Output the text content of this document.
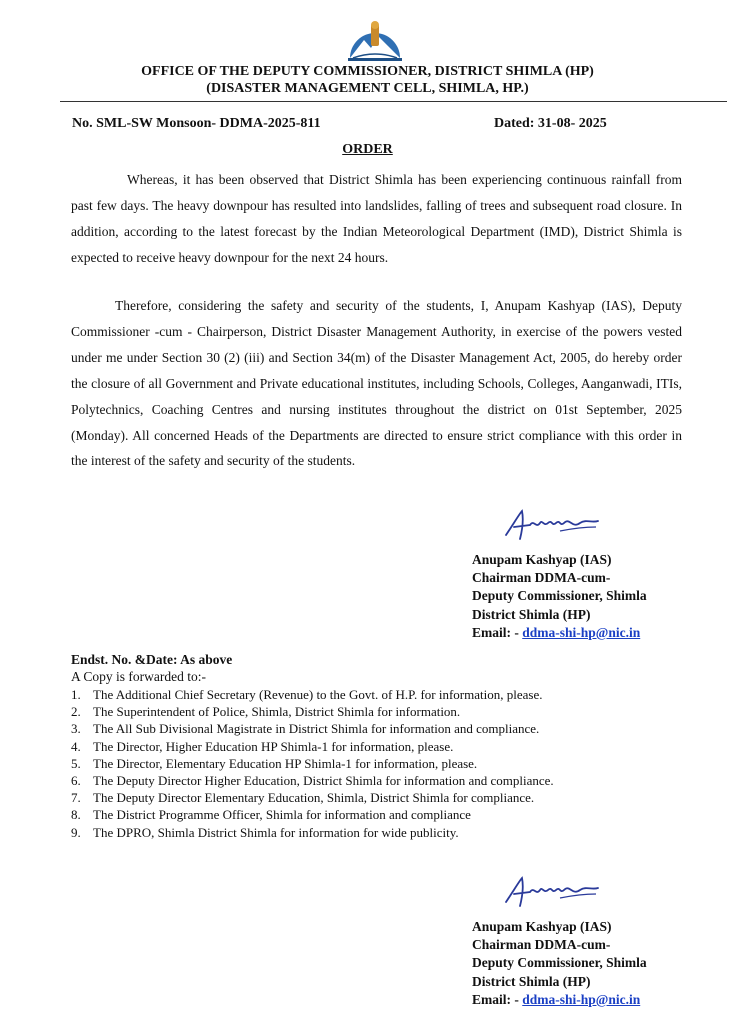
OFFICE OF THE DEPUTY COMMISSIONER, DISTRICT SHIMLA (HP)
(DISASTER MANAGEMENT CELL, SHIMLA, HP.)
No. SML-SW Monsoon- DDMA-2025-811	Dated: 31-08- 2025
ORDER

Whereas, it has been observed that District Shimla has been experiencing continuous rainfall from past few days. The heavy downpour has resulted into landslides, falling of trees and subsequent road closure. In addition, according to the latest forecast by the Indian Meteorological Department (IMD), District Shimla is expected to receive heavy downpour for the next 24 hours.

Therefore, considering the safety and security of the students, I, Anupam Kashyap (IAS), Deputy Commissioner -cum - Chairperson, District Disaster Management Authority, in exercise of the powers vested under me under Section 30 (2) (iii) and Section 34(m) of the Disaster Management Act, 2005, do hereby order the closure of all Government and Private educational institutes, including Schools, Colleges, Aanganwadi, ITIs, Polytechnics, Coaching Centres and nursing institutes throughout the district on 01st September, 2025 (Monday). All concerned Heads of the Departments are directed to ensure strict compliance with this order in the interest of the safety and security of the students.

Anupam Kashyap (IAS)
Chairman DDMA-cum-
Deputy Commissioner, Shimla
District Shimla (HP)
Email: - ddma-shi-hp@nic.in
Endst. No. &Date: As above
A Copy is forwarded to:-
1. The Additional Chief Secretary (Revenue) to the Govt. of H.P. for information, please.
2. The Superintendent of Police, Shimla, District Shimla for information.
3. The All Sub Divisional Magistrate in District Shimla for information and compliance.
4. The Director, Higher Education HP Shimla-1 for information, please.
5. The Director, Elementary Education HP Shimla-1 for information, please.
6. The Deputy Director Higher Education, District Shimla for information and compliance.
7. The Deputy Director Elementary Education, Shimla, District Shimla for compliance.
8. The District Programme Officer, Shimla for information and compliance
9. The DPRO, Shimla District Shimla for information for wide publicity.
Anupam Kashyap (IAS)
Chairman DDMA-cum-
Deputy Commissioner, Shimla
District Shimla (HP)
Email: - ddma-shi-hp@nic.in
